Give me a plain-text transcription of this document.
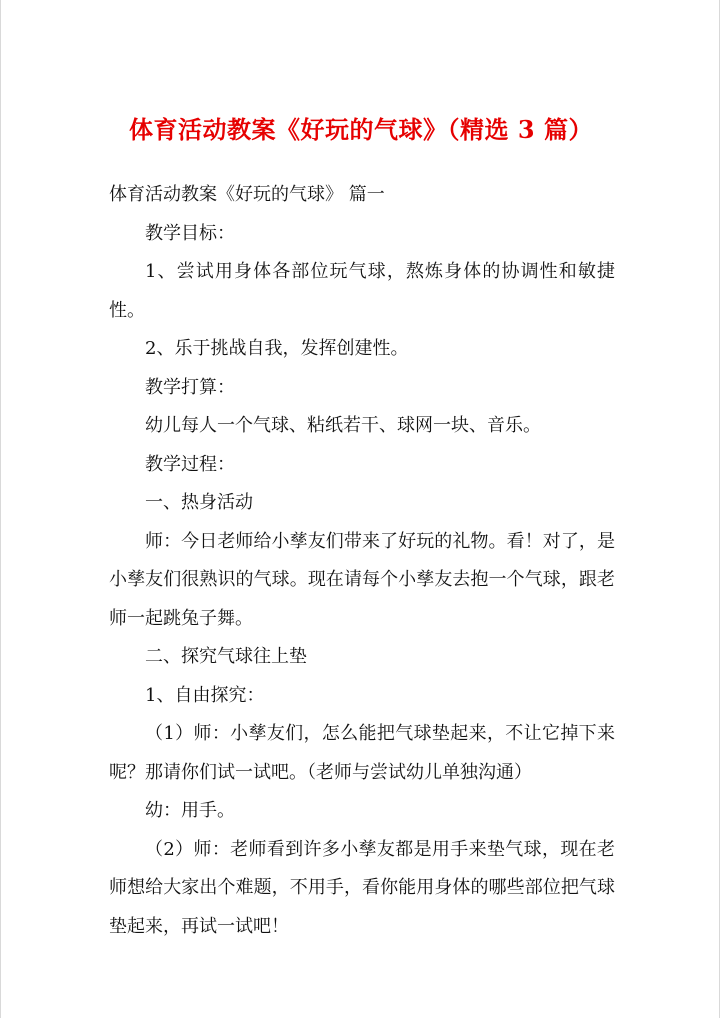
体育活动教案《好玩的气球》（精选 3 篇）

体育活动教案《好玩的气球》 篇一

教学目标：

1、尝试用身体各部位玩气球，熬炼身体的协调性和敏捷性。

2、乐于挑战自我，发挥创建性。

教学打算：

幼儿每人一个气球、粘纸若干、球网一块、音乐。

教学过程：

一、热身活动

师：今日老师给小孳友们带来了好玩的礼物。看！对了，是小孳友们很熟识的气球。现在请每个小孳友去抱一个气球，跟老师一起跳兔子舞。

二、探究气球往上垫

1、自由探究：

（1）师：小孳友们，怎么能把气球垫起来，不让它掉下来呢？那请你们试一试吧。（老师与尝试幼儿单独沟通）

幼：用手。

（2）师：老师看到许多小孳友都是用手来垫气球，现在老师想给大家出个难题，不用手，看你能用身体的哪些部位把气球垫起来，再试一试吧！
